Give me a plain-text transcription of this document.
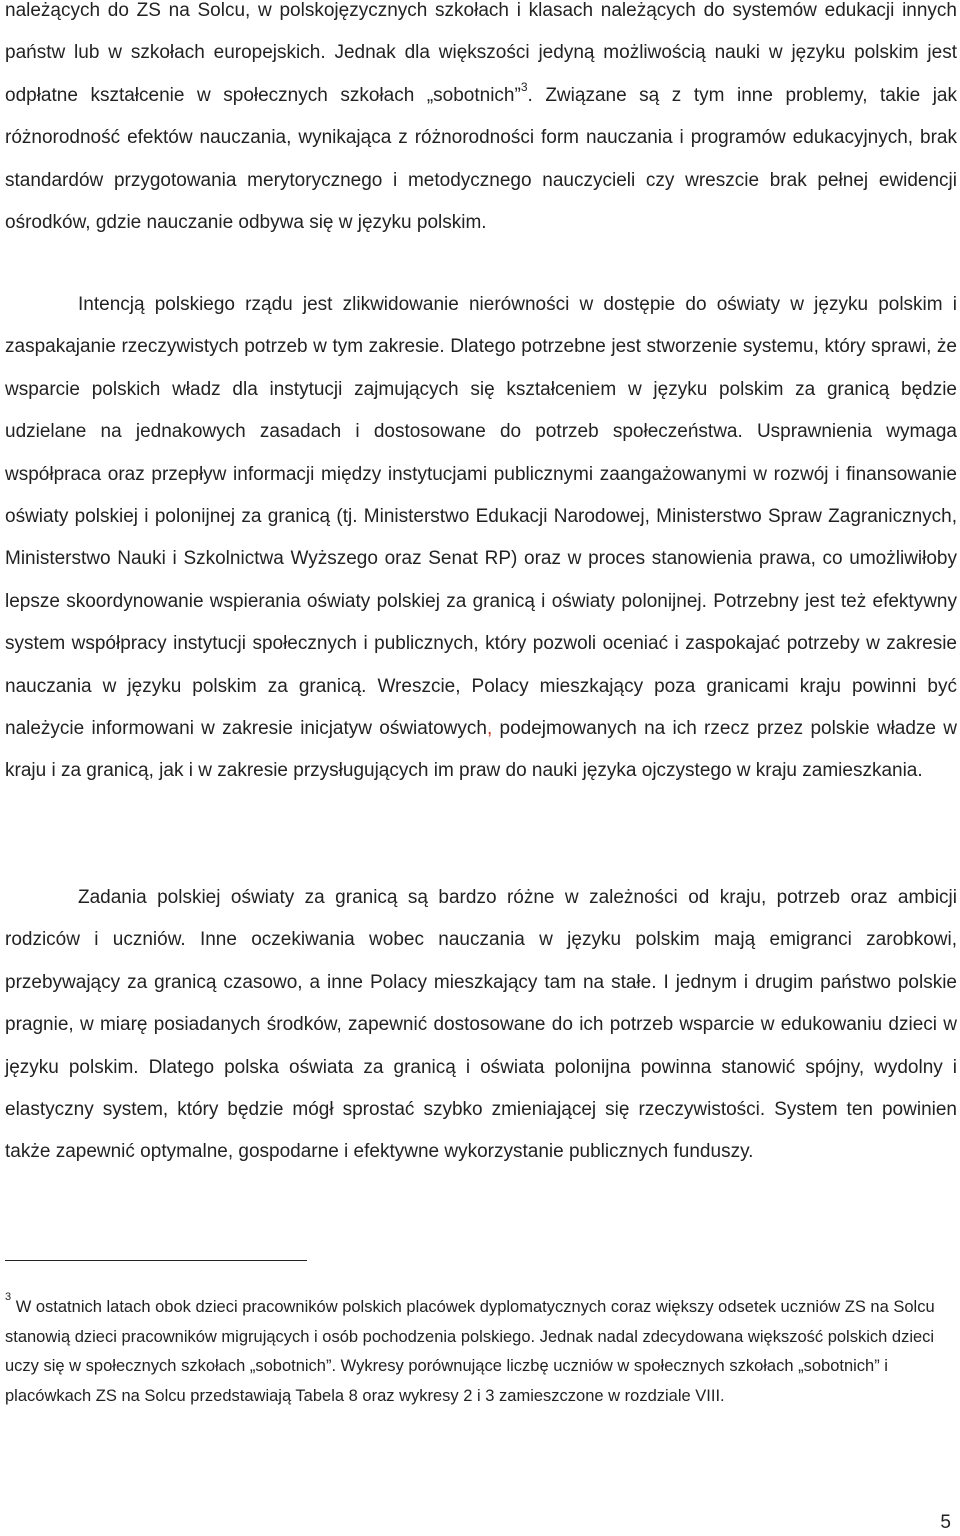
należących do ZS na Solcu, w polskojęzycznych szkołach i klasach należących do systemów edukacji innych państw lub w szkołach europejskich. Jednak dla większości jedyną możliwością nauki w języku polskim jest odpłatne kształcenie w społecznych szkołach „sobotnich”$^3$. Związane są z tym inne problemy, takie jak różnorodność efektów nauczania, wynikająca z różnorodności form nauczania i programów edukacyjnych, brak standardów przygotowania merytorycznego i metodycznego nauczycieli czy wreszcie brak pełnej ewidencji ośrodków, gdzie nauczanie odbywa się w języku polskim.

Intencją polskiego rządu jest zlikwidowanie nierówności w dostępie do oświaty w języku polskim i zaspakajanie rzeczywistych potrzeb w tym zakresie. Dlatego potrzebne jest stworzenie systemu, który sprawi, że wsparcie polskich władz dla instytucji zajmujących się kształceniem w języku polskim za granicą będzie udzielane na jednakowych zasadach i dostosowane do potrzeb społeczeństwa. Usprawnienia wymaga współpraca oraz przepływ informacji między instytucjami publicznymi zaangażowanymi w rozwój i finansowanie oświaty polskiej i polonijnej za granicą (tj. Ministerstwo Edukacji Narodowej, Ministerstwo Spraw Zagranicznych, Ministerstwo Nauki i Szkolnictwa Wyższego oraz Senat RP) oraz w proces stanowienia prawa, co umożliwiłoby lepsze skoordynowanie wspierania oświaty polskiej za granicą i oświaty polonijnej. Potrzebny jest też efektywny system współpracy instytucji społecznych i publicznych, który pozwoli oceniać i zaspokajać potrzeby w zakresie nauczania w języku polskim za granicą. Wreszcie, Polacy mieszkający poza granicami kraju powinni być należycie informowani w zakresie inicjatyw oświatowych, podejmowanych na ich rzecz przez polskie władze w kraju i za granicą, jak i w zakresie przysługujących im praw do nauki języka ojczystego w kraju zamieszkania.

Zadania polskiej oświaty za granicą są bardzo różne w zależności od kraju, potrzeb oraz ambicji rodziców i uczniów. Inne oczekiwania wobec nauczania w języku polskim mają emigranci zarobkowi, przebywający za granicą czasowo, a inne Polacy mieszkający tam na stałe. I jednym i drugim państwo polskie pragnie, w miarę posiadanych środków, zapewnić dostosowane do ich potrzeb wsparcie w edukowaniu dzieci w języku polskim. Dlatego polska oświata za granicą i oświata polonijna powinna stanowić spójny, wydolny i elastyczny system, który będzie mógł sprostać szybko zmieniającej się rzeczywistości. System ten powinien także zapewnić optymalne, gospodarne i efektywne wykorzystanie publicznych funduszy.

$^3$ W ostatnich latach obok dzieci pracowników polskich placówek dyplomatycznych coraz większy odsetek uczniów ZS na Solcu stanowią dzieci pracowników migrujących i osób pochodzenia polskiego. Jednak nadal zdecydowana większość polskich dzieci uczy się w społecznych szkołach „sobotnich”. Wykresy porównujące liczbę uczniów w społecznych szkołach „sobotnich” i placówkach ZS na Solcu przedstawiają Tabela 8 oraz wykresy 2 i 3 zamieszczone w rozdziale VIII.

5
